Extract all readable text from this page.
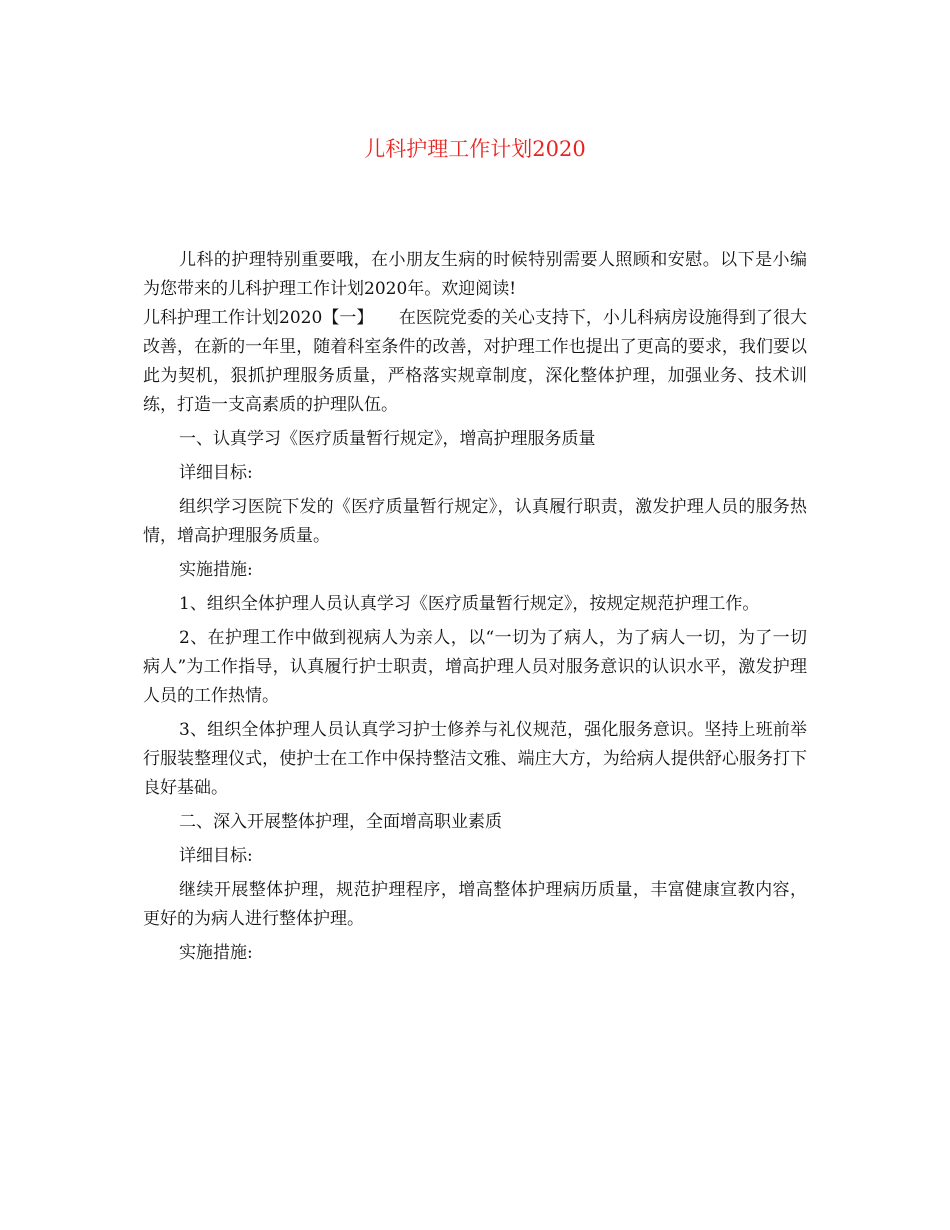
儿科护理工作计划2020

儿科的护理特别重要哦，在小朋友生病的时候特别需要人照顾和安慰。以下是小编为您带来的儿科护理工作计划2020年。欢迎阅读!

儿科护理工作计划2020【一】　　在医院党委的关心支持下，小儿科病房设施得到了很大改善，在新的一年里，随着科室条件的改善，对护理工作也提出了更高的要求，我们要以此为契机，狠抓护理服务质量，严格落实规章制度，深化整体护理，加强业务、技术训练，打造一支高素质的护理队伍。

一、认真学习《医疗质量暂行规定》，增高护理服务质量

详细目标:

组织学习医院下发的《医疗质量暂行规定》，认真履行职责，激发护理人员的服务热情，增高护理服务质量。

实施措施:

1、组织全体护理人员认真学习《医疗质量暂行规定》，按规定规范护理工作。

2、在护理工作中做到视病人为亲人，以“一切为了病人，为了病人一切，为了一切病人”为工作指导，认真履行护士职责，增高护理人员对服务意识的认识水平，激发护理人员的工作热情。

3、组织全体护理人员认真学习护士修养与礼仪规范，强化服务意识。坚持上班前举行服装整理仪式，使护士在工作中保持整洁文雅、端庄大方，为给病人提供舒心服务打下良好基础。

二、深入开展整体护理，全面增高职业素质

详细目标:

继续开展整体护理，规范护理程序，增高整体护理病历质量，丰富健康宣教内容，更好的为病人进行整体护理。

实施措施:
